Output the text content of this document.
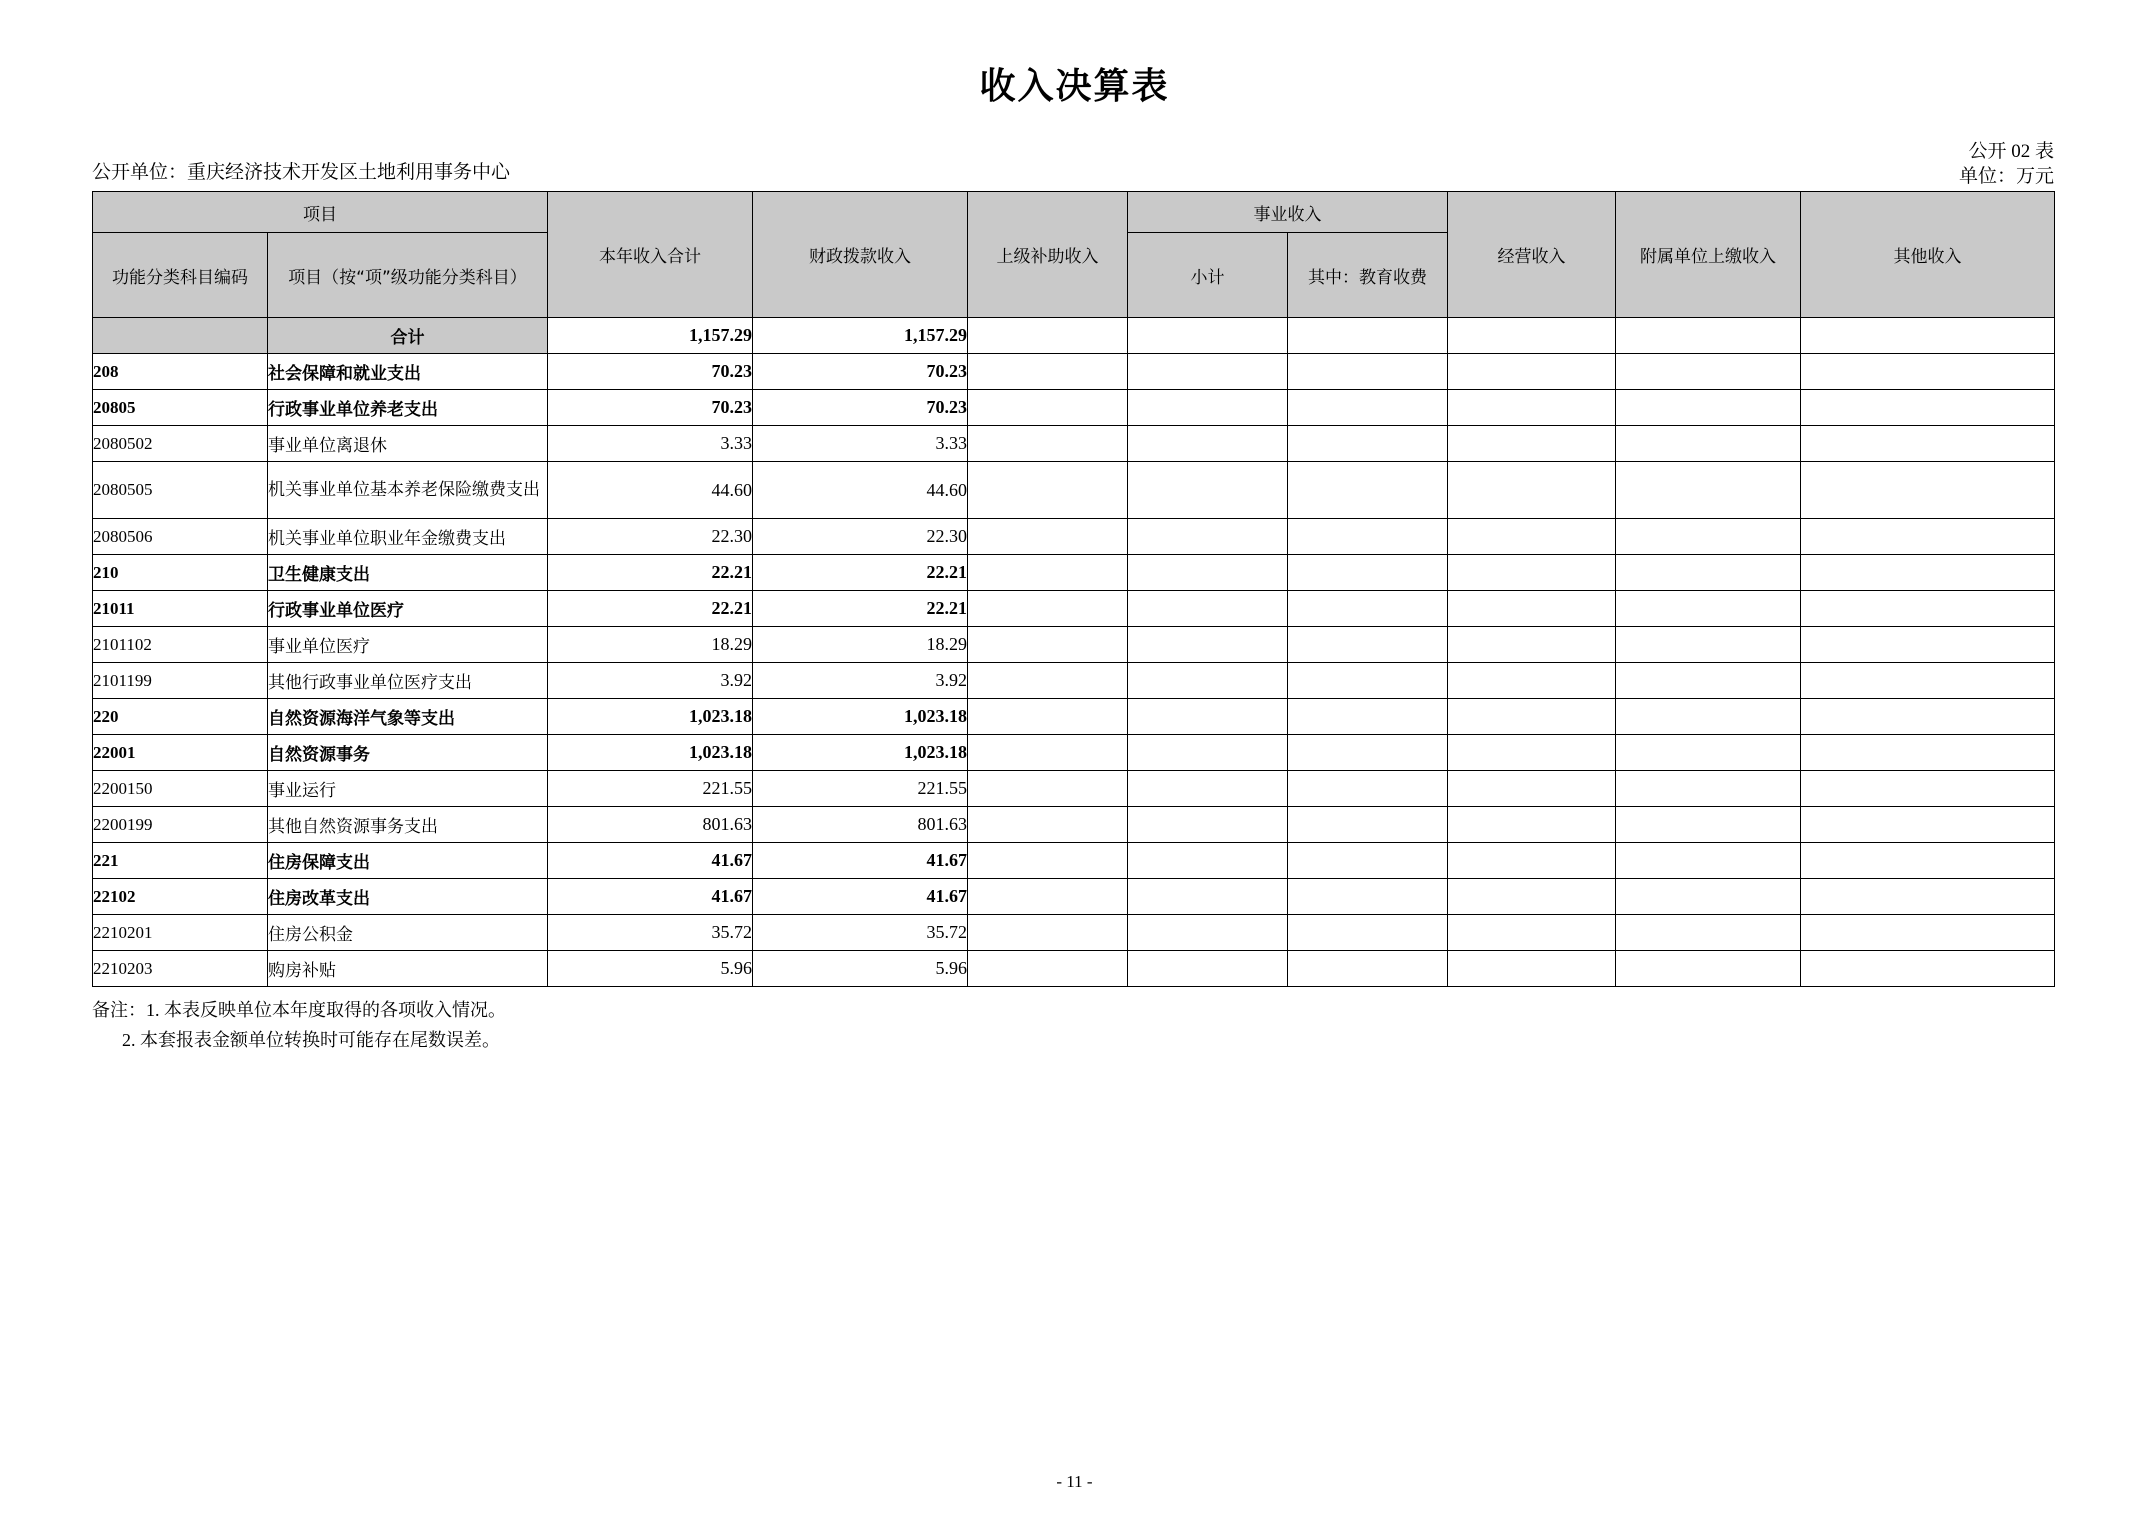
收入决算表
公开单位：重庆经济技术开发区土地利用事务中心
公开 02 表
单位：万元
项目		本年收入合计	财政拨款收入	上级补助收入	事业收入		经营收入	附属单位上缴收入	其他收入
功能分类科目编码	项目（按“项”级功能分类科目）				小计	其中：教育收费			
	合计	1,157.29	1,157.29						
208	社会保障和就业支出	70.23	70.23						
20805	行政事业单位养老支出	70.23	70.23						
2080502	事业单位离退休	3.33	3.33						
2080505	机关事业单位基本养老保险缴费支出	44.60	44.60						
2080506	机关事业单位职业年金缴费支出	22.30	22.30						
210	卫生健康支出	22.21	22.21						
21011	行政事业单位医疗	22.21	22.21						
2101102	事业单位医疗	18.29	18.29						
2101199	其他行政事业单位医疗支出	3.92	3.92						
220	自然资源海洋气象等支出	1,023.18	1,023.18						
22001	自然资源事务	1,023.18	1,023.18						
2200150	事业运行	221.55	221.55						
2200199	其他自然资源事务支出	801.63	801.63						
221	住房保障支出	41.67	41.67						
22102	住房改革支出	41.67	41.67						
2210201	住房公积金	35.72	35.72						
2210203	购房补贴	5.96	5.96						
备注：1. 本表反映单位本年度取得的各项收入情况。
2. 本套报表金额单位转换时可能存在尾数误差。
- 11 -
